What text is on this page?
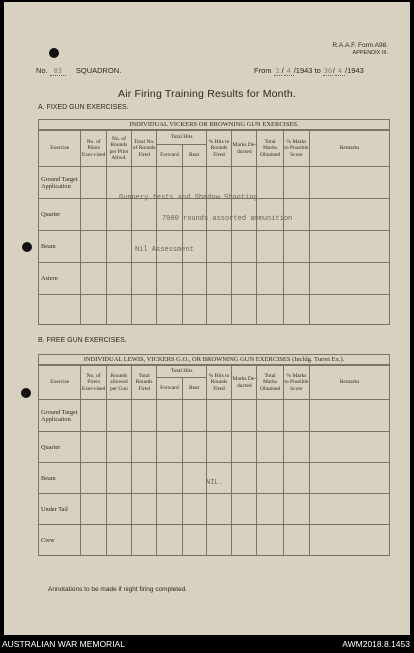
R.A.A.F. Form A98.
APPENDIX III.
No. 83 SQUADRON.	From 1 / 4 /1943 to 30/ 4 /1943
Air Firing Training Results for Month.
A. FIXED GUN EXERCISES.
INDIVIDUAL VICKERS OR BROWNING GUN EXERCISES.
Exercise	No. of Pilots Exer-cised	No. of Rounds per Pilot Allwd.	Total No. of Rounds Fired	Total Hits		% Hits to Rounds Fired	Marks De-ducted	Total Marks Obtained	% Marks to Possible Score	Remarks
				Forward	Rear					
Ground Target Application										
Quarter										
Beam										
Astern										

Gunnery tests and Shadow Shooting
7000 rounds assorted ammunition
Nil Assessment
B. FREE GUN EXERCISES.
INDIVIDUAL LEWIS, VICKERS G.O., OR BROWNING GUN EXERCISES (Incldg. Turret Ex.).
Exercise	No. of Firers Exer-cised	Rounds allowed per Gun	Total Rounds Fired	Total Hits		% Hits to Rounds Fired	Marks De-ducted	Total Marks Obtained	% Marks to Possible Score	Remarks
				Forward	Rear					
Ground Target Application										
Quarter										
Beam										
Under Tail										
Crew										
NIL.
Annotations to be made if night firing completed.
AUSTRALIAN WAR MEMORIAL	AWM2018.8.1453
